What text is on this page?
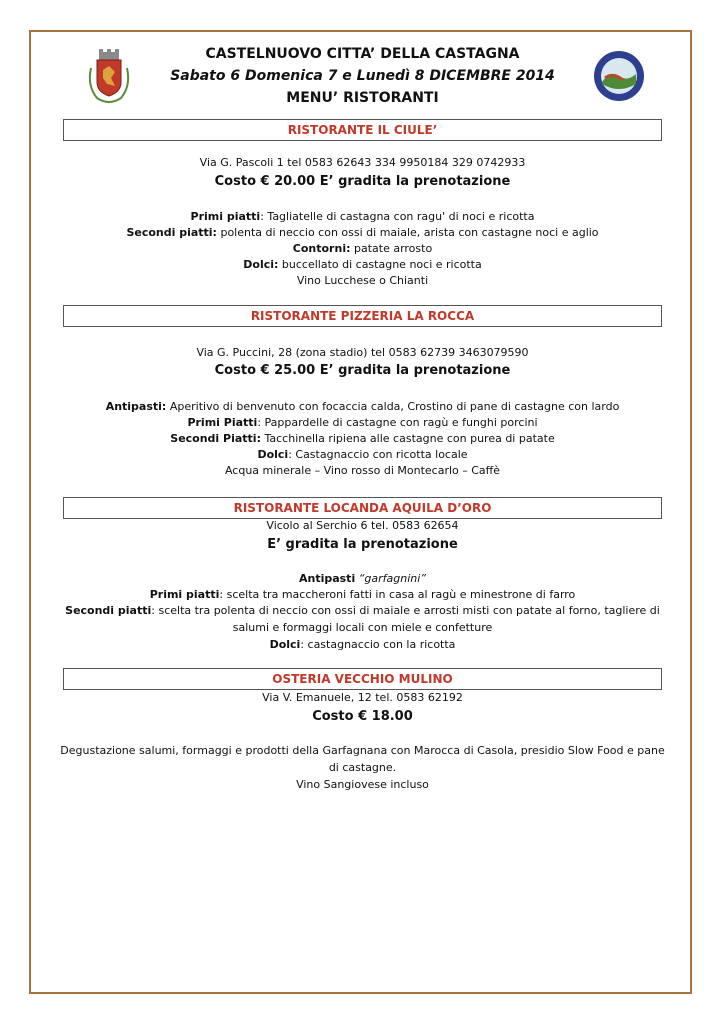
CASTELNUOVO CITTA’ DELLA CASTAGNA
Sabato 6 Domenica 7 e Lunedì 8 DICEMBRE 2014
MENU’ RISTORANTI
RISTORANTE IL CIULE’
Via G. Pascoli 1 tel 0583 62643 334 9950184 329 0742933
Costo € 20.00 E’ gradita la prenotazione
Primi piatti: Tagliatelle di castagna con ragu' di noci e ricotta
Secondi piatti: polenta di neccio con ossi di maiale, arista con castagne noci e aglio
Contorni: patate arrosto
Dolci: buccellato di castagne noci e ricotta
Vino Lucchese o Chianti
RISTORANTE PIZZERIA LA ROCCA
Via G. Puccini, 28 (zona stadio) tel 0583 62739 3463079590
Costo € 25.00 E’ gradita la prenotazione
Antipasti: Aperitivo di benvenuto con focaccia calda, Crostino di pane di castagne con lardo
Primi Piatti: Pappardelle di castagne con ragù e funghi porcini
Secondi Piatti: Tacchinella ripiena alle castagne con purea di patate
Dolci: Castagnaccio con ricotta locale
Acqua minerale – Vino rosso di Montecarlo – Caffè
RISTORANTE LOCANDA AQUILA D’ORO
Vicolo al Serchio 6 tel. 0583 62654
E’ gradita la prenotazione
Antipasti “garfagnini”
Primi piatti: scelta tra maccheroni fatti in casa al ragù e minestrone di farro
Secondi piatti: scelta tra polenta di neccio con ossi di maiale e arrosti misti con patate al forno, tagliere di
salumi e formaggi locali con miele e confetture
Dolci: castagnaccio con la ricotta
OSTERIA VECCHIO MULINO
Via V. Emanuele, 12 tel. 0583 62192
Costo € 18.00
Degustazione salumi, formaggi e prodotti della Garfagnana con Marocca di Casola, presidio Slow Food e pane
di castagne.
Vino Sangiovese incluso
